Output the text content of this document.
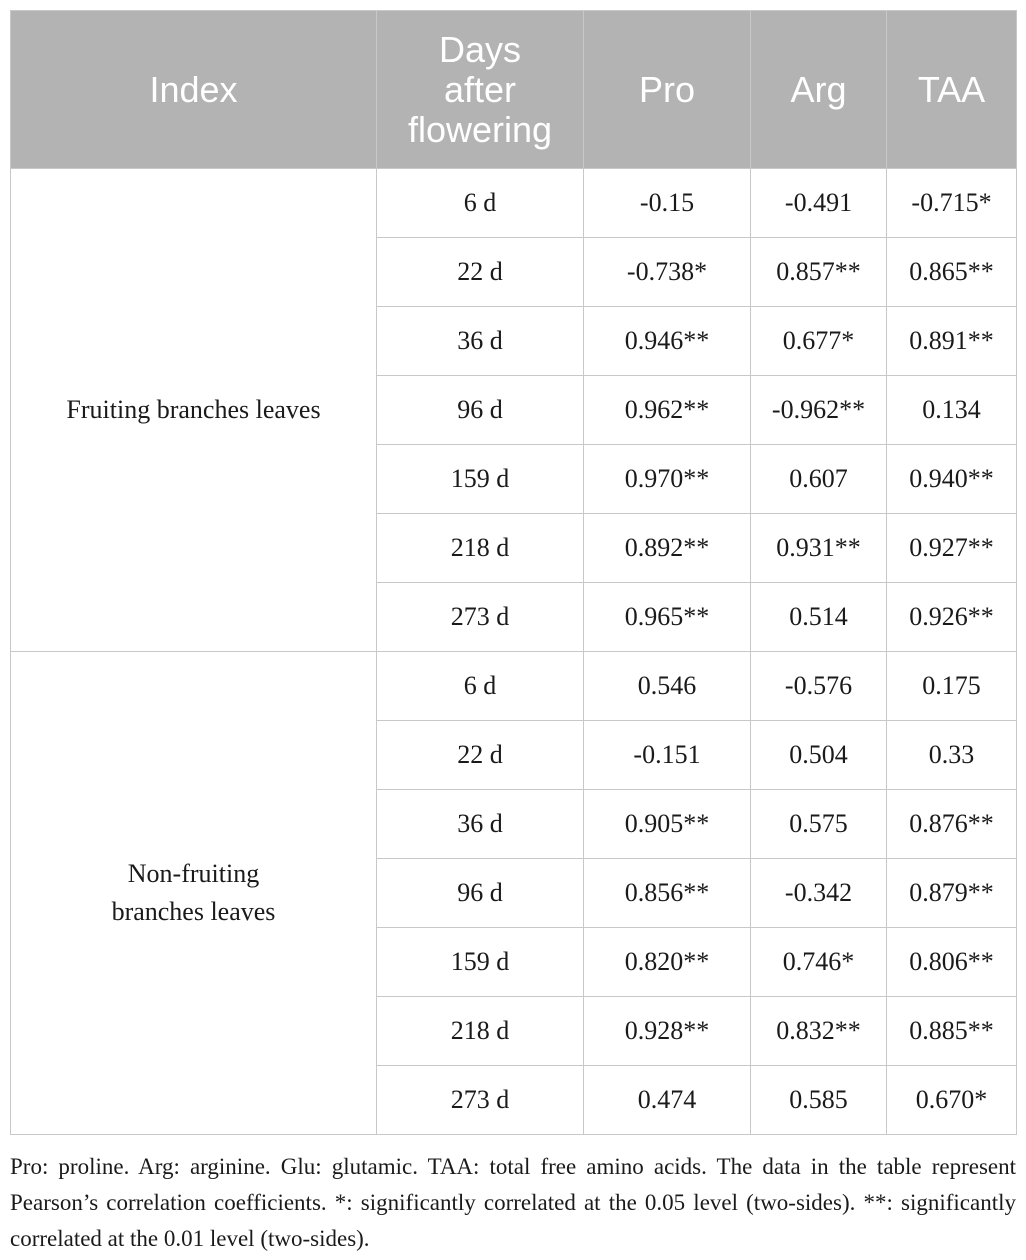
Index	Days after flowering	Pro	Arg	TAA
Fruiting branches leaves	6 d	-0.15	-0.491	-0.715*
	22 d	-0.738*	0.857**	0.865**
	36 d	0.946**	0.677*	0.891**
	96 d	0.962**	-0.962**	0.134
	159 d	0.970**	0.607	0.940**
	218 d	0.892**	0.931**	0.927**
	273 d	0.965**	0.514	0.926**
Non-fruiting branches leaves	6 d	0.546	-0.576	0.175
	22 d	-0.151	0.504	0.33
	36 d	0.905**	0.575	0.876**
	96 d	0.856**	-0.342	0.879**
	159 d	0.820**	0.746*	0.806**
	218 d	0.928**	0.832**	0.885**
	273 d	0.474	0.585	0.670*
Pro: proline. Arg: arginine. Glu: glutamic. TAA: total free amino acids. The data in the table represent Pearson’s correlation coefficients. *: significantly correlated at the 0.05 level (two-sides). **: significantly correlated at the 0.01 level (two-sides).
